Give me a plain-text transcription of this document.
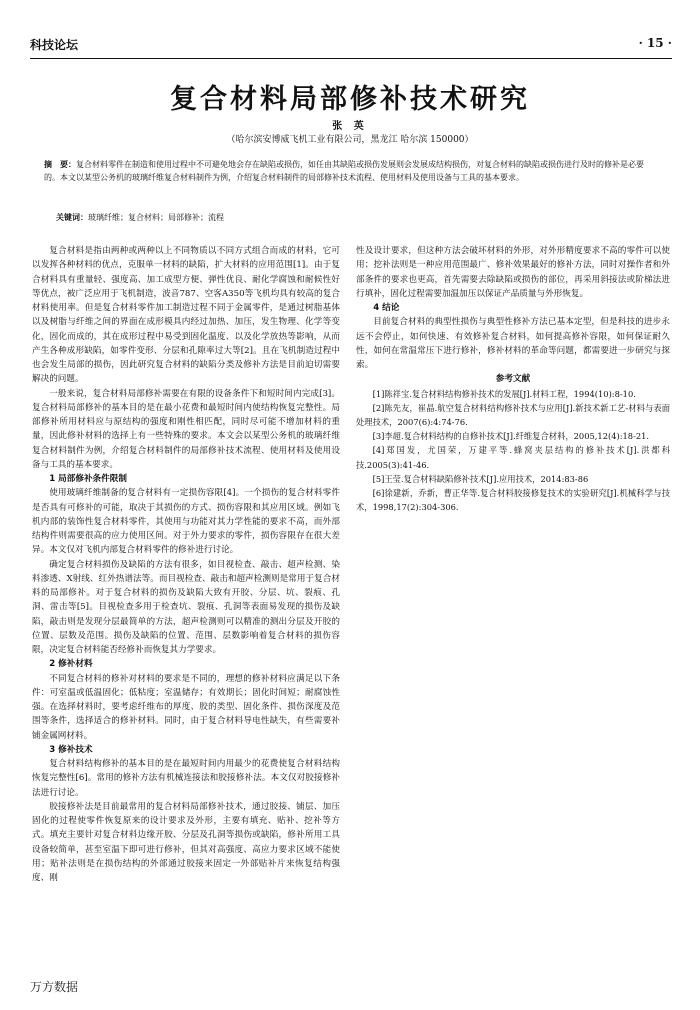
科技论坛	· 15 ·
复合材料局部修补技术研究
张 英
（哈尔滨安博威飞机工业有限公司，黑龙江 哈尔滨 150000）
摘　要：复合材料零件在制造和使用过程中不可避免地会存在缺陷或损伤，如任由其缺陷或损伤发展则会发展成结构损伤，对复合材料的缺陷或损伤进行及时的修补是必要的。本文以某型公务机的玻璃纤维复合材料制件为例，介绍复合材料制件的局部修补技术流程、使用材料及使用设备与工具的基本要求。
关键词：玻璃纤维；复合材料；局部修补；流程

复合材料是指由两种或两种以上不同物质以不同方式组合而成的材料，它可以发挥各种材料的优点，克服单一材料的缺陷，扩大材料的应用范围[1]。由于复合材料具有重量轻、强度高、加工成型方便、弹性优良、耐化学腐蚀和耐候性好等优点，被广泛应用于飞机制造，波音787、空客A350等飞机均具有较高的复合材料使用率。但是复合材料零件加工制造过程不同于金属零件，是通过树脂基体以及树脂与纤维之间的界面在成形模具内经过加热、加压，发生物理、化学等变化，固化而成的，其在成形过程中易受到固化温度、以及化学放热等影响，从而产生各种成形缺陷，如零件变形、分层和孔隙率过大等[2]。且在飞机制造过程中也会发生局部的损伤，因此研究复合材料的缺陷分类及修补方法是目前迫切需要解决的问题。

一般来说，复合材料局部修补需要在有限的设备条件下和短时间内完成[3]。复合材料局部修补的基本目的是在最小花费和最短时间内使结构恢复完整性。局部修补所用材料应与原结构的强度和刚性相匹配，同时尽可能不增加材料的重量，因此修补材料的选择上有一些特殊的要求。本文会以某型公务机的玻璃纤维复合材料制件为例，介绍复合材料制件的局部修补技术流程、使用材料及使用设备与工具的基本要求。

1 局部修补条件限制

使用玻璃纤维制备的复合材料有一定损伤容限[4]。一个损伤的复合材料零件是否具有可修补的可能，取决于其损伤的方式、损伤容限和其应用区域。例如飞机内部的装饰性复合材料零件，其使用与功能对其力学性能的要求不高，而外部结构件则需要很高的应力使用区间。对于外力要求的零件，损伤容限存在很大差异。本文仅对飞机内部复合材料零件的修补进行讨论。

确定复合材料损伤及缺陷的方法有很多，如目视检查、敲击、超声检测、染料渗透、X射线、红外热谱法等。而目视检查、敲击和超声检测则是常用于复合材料的局部修补。对于复合材料的损伤及缺陷大致有开胶、分层、坑、裂痕、孔洞、雷击等[5]。目视检查多用于检查坑、裂痕、孔洞等表面易发现的损伤及缺陷，敲击则是发现分层最简单的方法，超声检测则可以精准的测出分层及开胶的位置、层数及范围。损伤及缺陷的位置、范围、层数影响着复合材料的损伤容限，决定复合材料能否经修补而恢复其力学要求。

2 修补材料

不同复合材料的修补对材料的要求是不同的，理想的修补材料应满足以下条件：可室温或低温固化；低粘度；室温储存；有效期长；固化时间短；耐腐蚀性强。在选择材料时，要考虑纤维布的厚度、胶的类型、固化条件、损伤深度及范围等条件，选择适合的修补材料。同时，由于复合材料导电性缺失，有些需要补铺金属网材料。

3 修补技术

复合材料结构修补的基本目的是在最短时间内用最少的花费使复合材料结构恢复完整性[6]。常用的修补方法有机械连接法和胶接修补法。本文仅对胶接修补法进行讨论。

胶接修补法是目前最常用的复合材料局部修补技术，通过胶接、铺层、加压固化的过程使零件恢复原来的设计要求及外形，主要有填充、贴补、挖补等方式。填充主要针对复合材料边缘开胶、分层及孔洞等损伤或缺陷，修补所用工具设备较简单，甚至室温下即可进行修补，但其对高强度、高应力要求区域不能使用；贴补法则是在损伤结构的外部通过胶接来固定一外部贴补片来恢复结构强度、刚

性及设计要求，但这种方法会破坏材料的外形，对外形精度要求不高的零件可以使用；挖补法则是一种应用范围最广、修补效果最好的修补方法，同时对操作者和外部条件的要求也更高，首先需要去除缺陷或损伤的部位，再采用斜接法或阶梯法进行填补，固化过程需要加温加压以保证产品质量与外形恢复。

4 结论

目前复合材料的典型性损伤与典型性修补方法已基本定型，但是科技的进步永远不会停止，如何快速、有效修补复合材料，如何提高修补容限，如何保证耐久性，如何在常温常压下进行修补，修补材料的革命等问题，都需要进一步研究与探索。

参考文献

[1]陈祥宝.复合材料结构修补技术的发展[J].材料工程，1994(10):8-10.

[2]陈先友，崔晶.航空复合材料结构修补技术与应用[J].新技术新工艺-材料与表面处理技术，2007(6):4:74-76.

[3]李超.复合材料结构的自修补技术[J].纤维复合材料，2005,12(4):18-21.

[4]郑国发，尤国荣，万建平等.蜂窝夹层结构的修补技术[J].洪都科技.2005(3):41-46.

[5]王莹.复合材料缺陷修补技术[J].应用技术，2014:83-86

[6]徐建新，乔新，曹正华等.复合材料胶接修复技术的实验研究[J].机械科学与技术，1998,17(2):304-306.

万方数据
